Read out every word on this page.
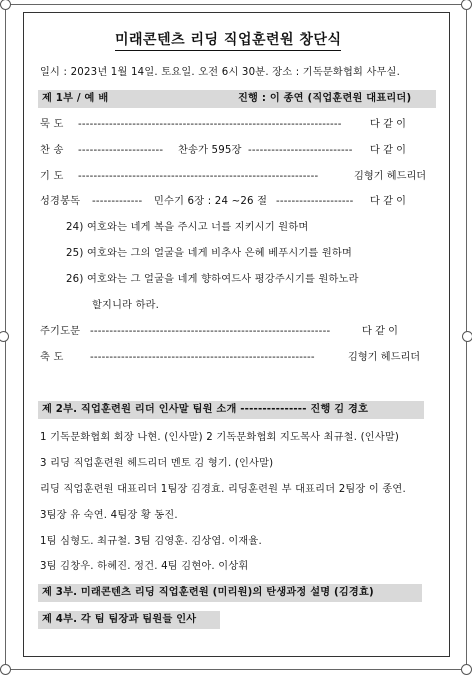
미래콘텐츠 리딩 직업훈련원 창단식
일시 : 2023년 1월 14일. 토요일. 오전 6시 30분. 장소 : 기독문화협회 사무실.
제 1부 / 예 배	진행 : 이 종연 (직업훈련원 대표리더)
묵 도 --------------------------------------------------------------------	다 같 이
찬 송 ---------------------- 찬송가 595장 --------------------------- 다 같 이
기 도 --------------------------------------------------------------	김형기 헤드리더
성경봉독 ------------- 민수기 6장 : 24 ~26 절 -------------------- 다 같 이
24) 여호와는 네게 복을 주시고 너를 지키시기 원하며
25) 여호와는 그의 얼굴을 네게 비추사 은혜 베푸시기를 원하며
26) 여호와는 그 얼굴을 네게 향하여드사 평강주시기를 원하노라
할지니라 하라.
주기도문 --------------------------------------------------------------	다 같 이
축 도	----------------------------------------------------------	김형기 헤드리더
제 2부. 직업훈련원 리더 인사말 팀원 소개 --------------- 진행 김 경호
1 기독문화협회 회장 나현. (인사말) 2 기독문화협회 지도목사 최규철. (인사말)
3 리딩 직업훈련원 헤드리더 멘토 김 형기. (인사말)
리딩 직업훈련원 대표리더 1팀장 김경효. 리딩훈련원 부 대표리더 2팀장 이 종연.
3팀장 유 숙연. 4팀장 황 동진.
1팀 심형도. 최규철. 3팀 김영훈. 김상엽. 이재율.
3팀 김창우. 하혜진. 정건. 4팀 김현아. 이상휘
제 3부. 미래콘텐츠 리딩 직업훈련원 (미리원)의 탄생과정 설명 (김경효)
제 4부. 각 팀 팀장과 팀원들 인사
